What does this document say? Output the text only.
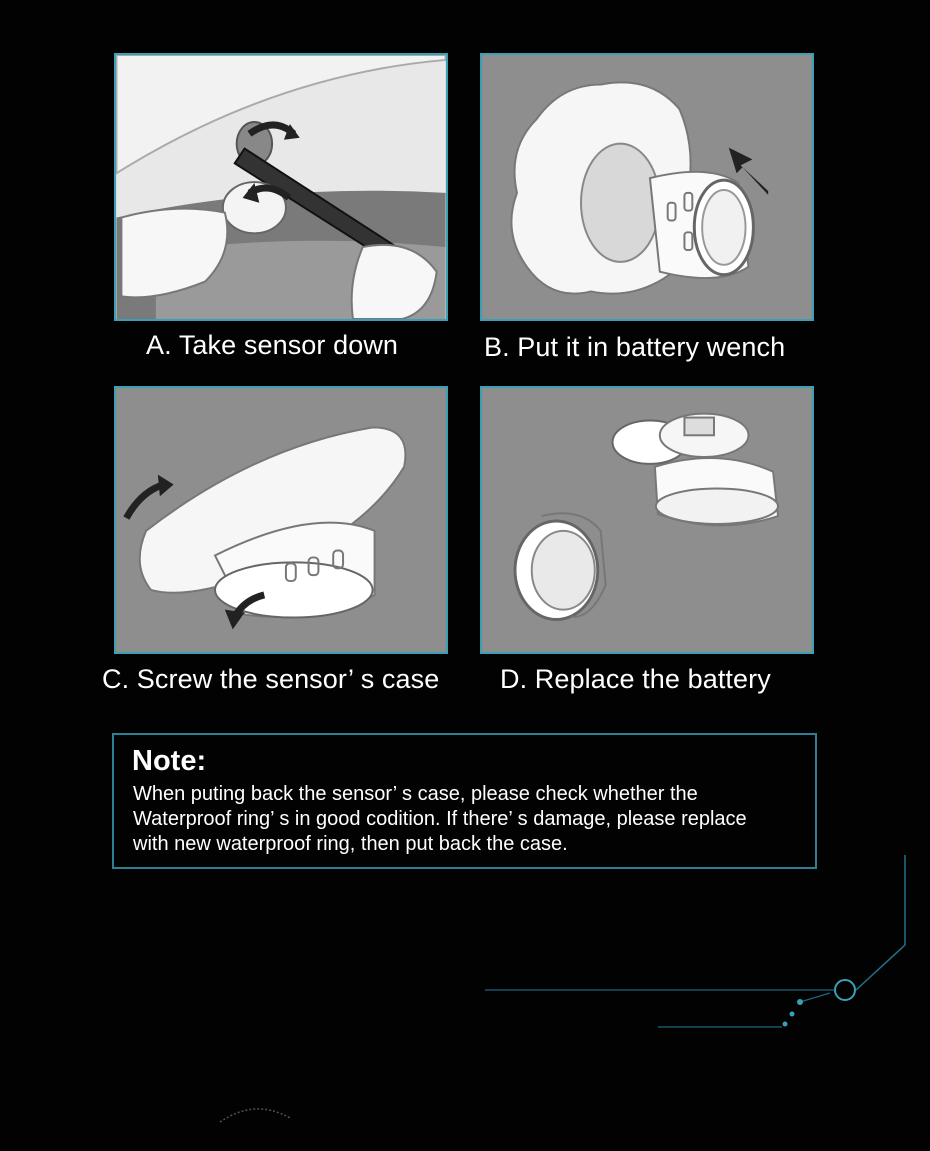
A. Take sensor down	B. Put it in battery wench
C. Screw the sensor’ s case D. Replace the battery
Note:
When puting back the sensor’ s case, please check whether the
Waterproof ring’ s in good codition. If there’ s damage, please replace
with new waterproof ring, then put back the case.
